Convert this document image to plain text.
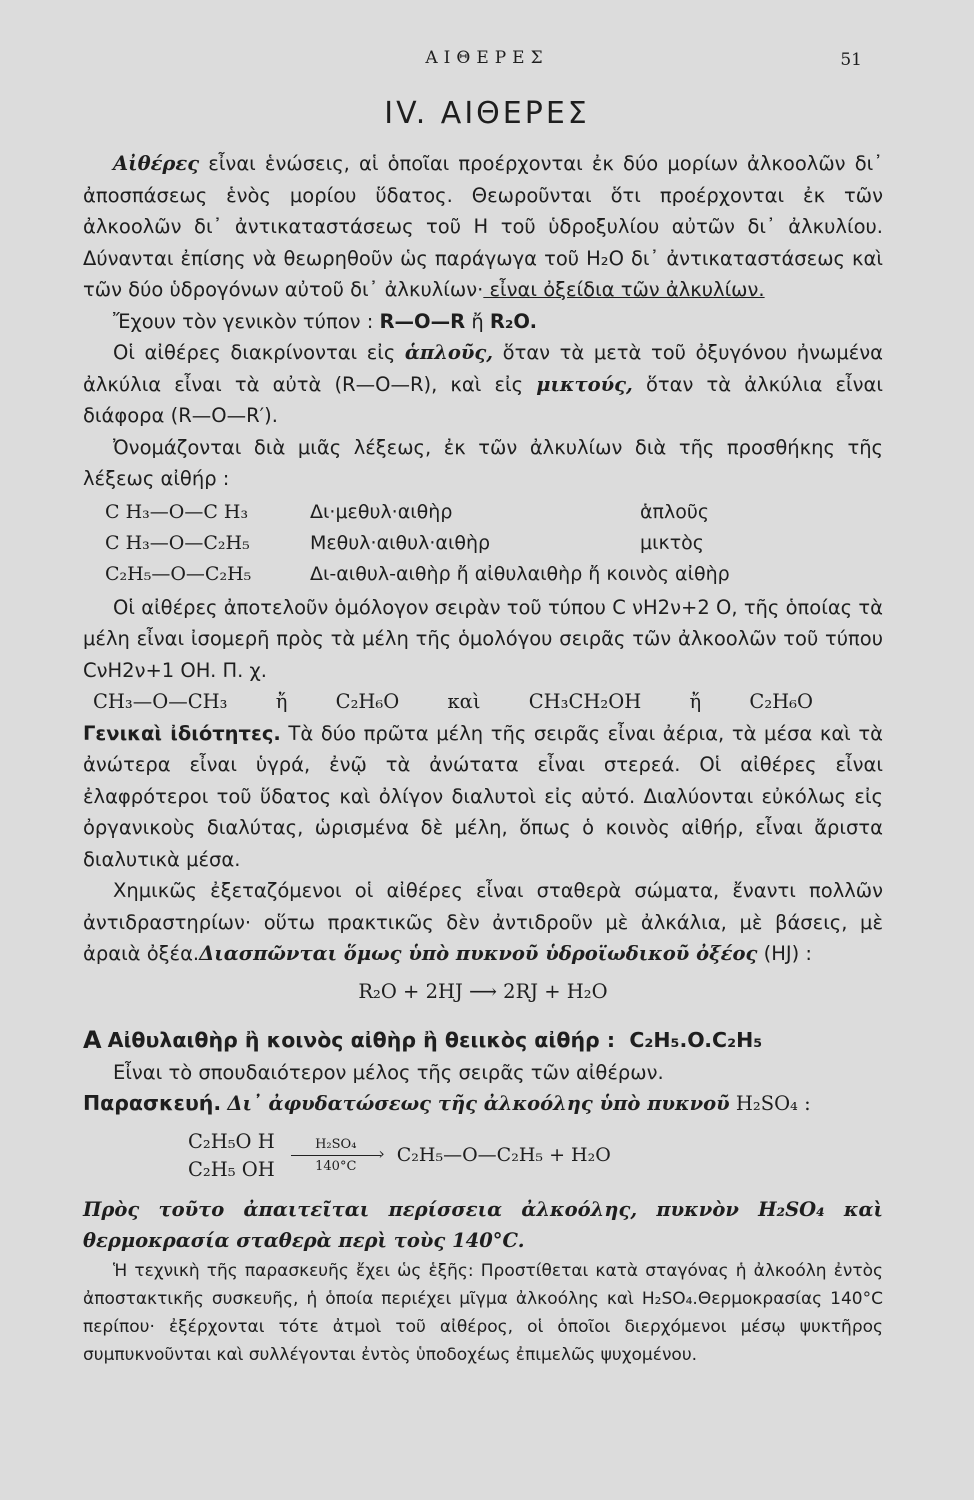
ΑΙΘΕΡΕΣ	51
IV. ΑΙΘΕΡΕΣ

Αἰθέρες εἶναι ἑνώσεις, αἱ ὁποῖαι προέρχονται ἐκ δύο μορίων ἀλκοολῶν δι᾽ ἀποσπάσεως ἑνὸς μορίου ὕδατος. Θεωροῦνται ὅτι προέρχονται ἐκ τῶν ἀλκοολῶν δι᾽ ἀντικαταστάσεως τοῦ Η τοῦ ὑδροξυλίου αὐτῶν δι᾽ ἀλκυλίου. Δύνανται ἐπίσης νὰ θεωρηθοῦν ὡς παράγωγα τοῦ Η₂Ο δι᾽ ἀντικαταστάσεως καὶ τῶν δύο ὑδρογόνων αὐτοῦ δι᾽ ἀλκυλίων· εἶναι ὀξείδια τῶν ἀλκυλίων.

Ἔχουν τὸν γενικὸν τύπον : R—O—R ἤ R₂O.

Οἱ αἰθέρες διακρίνονται εἰς ἁπλοῦς, ὅταν τὰ μετὰ τοῦ ὀξυγόνου ἠνωμένα ἀλκύλια εἶναι τὰ αὐτὰ (R—O—R), καὶ εἰς μικτούς, ὅταν τὰ ἀλκύλια εἶναι διάφορα (R—O—R′).

Ὀνομάζονται διὰ μιᾶς λέξεως, ἐκ τῶν ἀλκυλίων διὰ τῆς προσθήκης τῆς λέξεως αἰθήρ :

C H₃—O—C H₃	Δι·μεθυλ·αιθὴρ	ἁπλοῦς
C H₃—O—C₂H₅	Μεθυλ·αιθυλ·αιθὴρ	μικτὸς
C₂H₅—O—C₂H₅	Δι-αιθυλ-αιθὴρ ἤ αἰθυλαιθὴρ ἤ κοινὸς αἰθὴρ

Οἱ αἰθέρες ἀποτελοῦν ὁμόλογον σειρὰν τοῦ τύπου C νH2ν+2 O, τῆς ὁποίας τὰ μέλη εἶναι ἰσομερῆ πρὸς τὰ μέλη τῆς ὁμολόγου σειρᾶς τῶν ἀλκοολῶν τοῦ τύπου CνH2ν+1 OH. Π. χ.

CH₃—O—CH₃ ἤ C₂H₆O καὶ CH₃CH₂OH ἤ C₂H₆O

Γενικαὶ ἰδιότητες. Τὰ δύο πρῶτα μέλη τῆς σειρᾶς εἶναι ἀέρια, τὰ μέσα καὶ τὰ ἀνώτερα εἶναι ὑγρά, ἐνῷ τὰ ἀνώτατα εἶναι στερεά. Οἱ αἰθέρες εἶναι ἐλαφρότεροι τοῦ ὕδατος καὶ ὀλίγον διαλυτοὶ εἰς αὐτό. Διαλύονται εὐκόλως εἰς ὀργανικοὺς διαλύτας, ὡρισμένα δὲ μέλη, ὅπως ὁ κοινὸς αἰθήρ, εἶναι ἄριστα διαλυτικὰ μέσα.

Χημικῶς ἐξεταζόμενοι οἱ αἰθέρες εἶναι σταθερὰ σώματα, ἔναντι πολλῶν ἀντιδραστηρίων· οὕτω πρακτικῶς δὲν ἀντιδροῦν μὲ ἀλκάλια, μὲ βάσεις, μὲ ἀραιὰ ὀξέα.Διασπῶνται ὅμως ὑπὸ πυκνοῦ ὑδροϊωδικοῦ ὀξέος (HJ) :

R₂O + 2HJ ⟶ 2RJ + H₂O
A Αἰθυλαιθὴρ ἢ κοινὸς αἰθὴρ ἢ θειικὸς αἰθήρ :
C₂H₅.O.C₂H₅

Εἶναι τὸ σπουδαιότερον μέλος τῆς σειρᾶς τῶν αἰθέρων.

Παρασκευή. Δι᾽ ἀφυδατώσεως τῆς ἀλκοόλης ὑπὸ πυκνοῦ H₂SO₄ :

C₂H₅O H
C₂H₅ OH
H₂SO₄
›
140°C
C₂H₅—O—C₂H₅ + H₂O

Πρὸς τοῦτο ἀπαιτεῖται περίσσεια ἀλκοόλης, πυκνὸν H₂SO₄ καὶ θερμοκρασία σταθερὰ περὶ τοὺς 140°C.

Ἡ τεχνικὴ τῆς παρασκευῆς ἔχει ὡς ἑξῆς: Προστίθεται κατὰ σταγόνας ἡ ἀλκοόλη ἐντὸς ἀποστακτικῆς συσκευῆς, ἡ ὁποία περιέχει μῖγμα ἀλκοόλης καὶ H₂SO₄.Θερμοκρασίας 140°C περίπου· ἐξέρχονται τότε ἀτμοὶ τοῦ αἰθέρος, οἱ ὁποῖοι διερχόμενοι μέσῳ ψυκτῆρος συμπυκνοῦνται καὶ συλλέγονται ἐντὸς ὑποδοχέως ἐπιμελῶς ψυχομένου.
